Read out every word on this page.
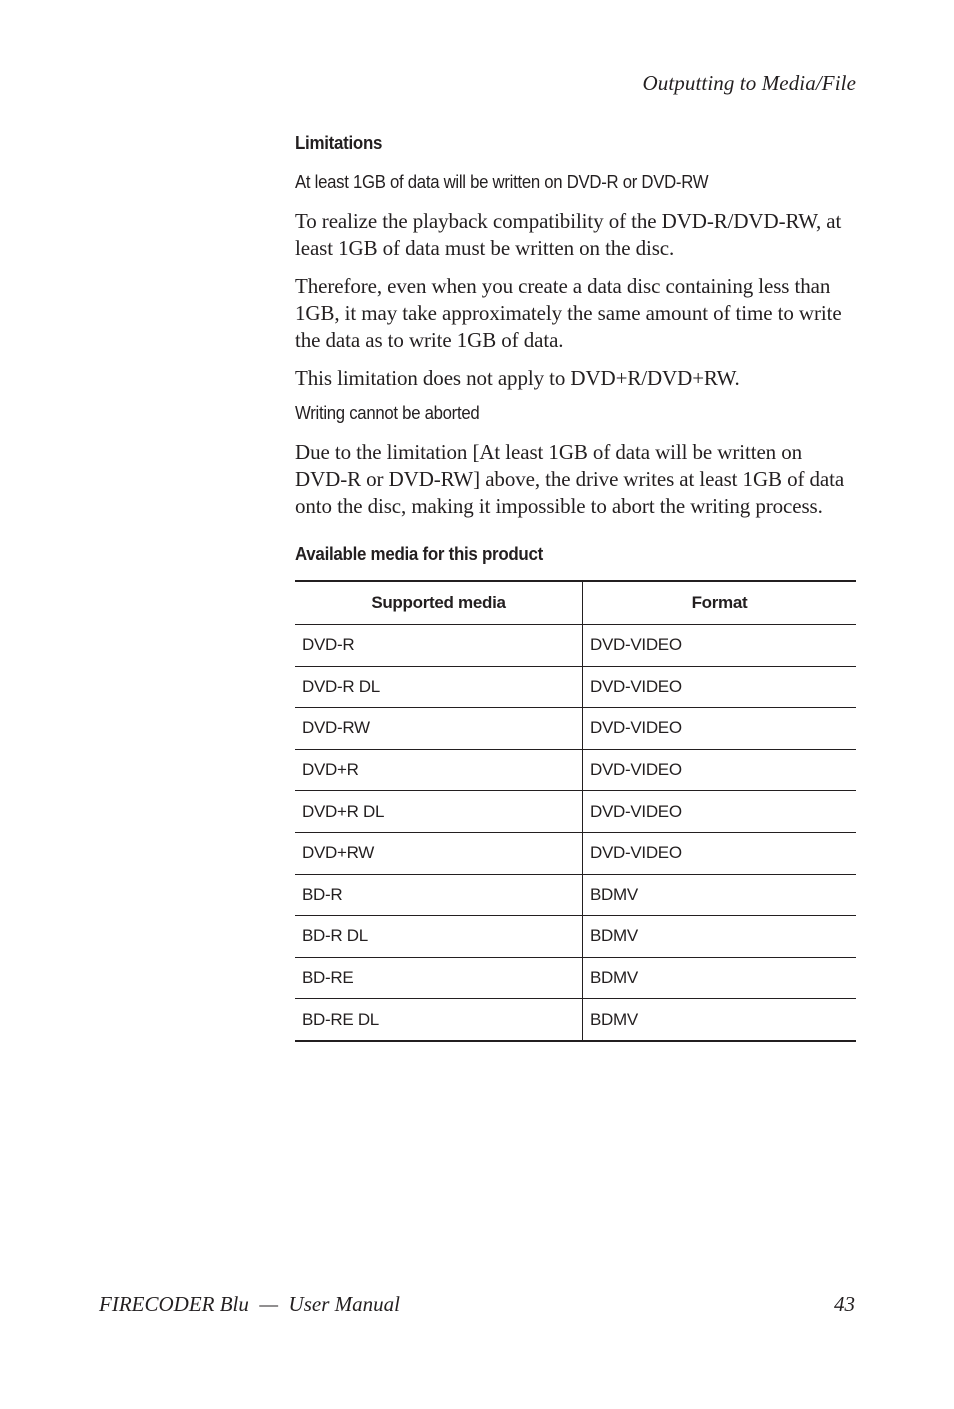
Outputting to Media/File
Limitations
At least 1GB of data will be written on DVD-R or DVD-RW

To realize the playback compatibility of the DVD-R/DVD-RW, at least 1GB of data must be written on the disc.

Therefore, even when you create a data disc containing less than 1GB, it may take approximately the same amount of time to write the data as to write 1GB of data.

This limitation does not apply to DVD+R/DVD+RW.

Writing cannot be aborted

Due to the limitation [At least 1GB of data will be written on DVD-R or DVD-RW] above, the drive writes at least 1GB of data onto the disc, making it impossible to abort the writing process.

Available media for this product
Supported media	Format
DVD-R	DVD-VIDEO
DVD-R DL	DVD-VIDEO
DVD-RW	DVD-VIDEO
DVD+R	DVD-VIDEO
DVD+R DL	DVD-VIDEO
DVD+RW	DVD-VIDEO
BD-R	BDMV
BD-R DL	BDMV
BD-RE	BDMV
BD-RE DL	BDMV
FIRECODER Blu  —  User Manual	43
